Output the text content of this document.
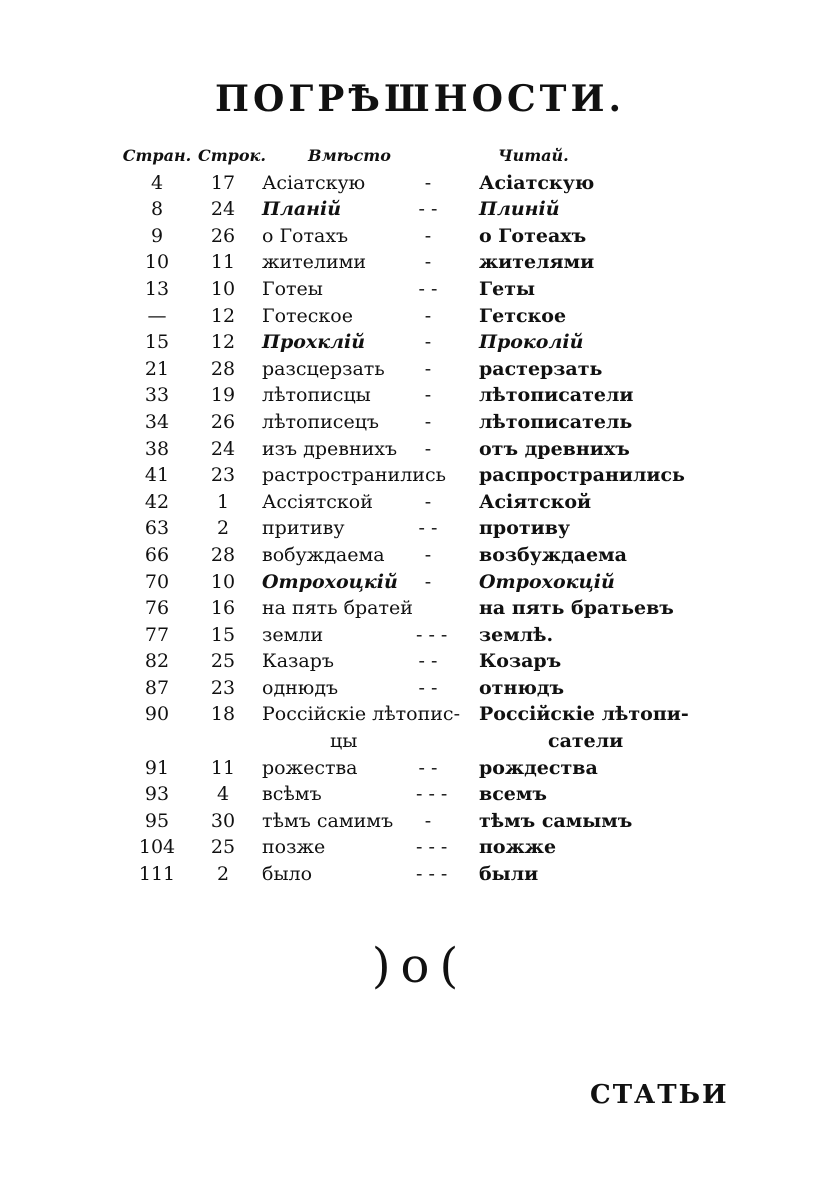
ПОГРѢШНОСТИ.
Стран. Строк.	Вмѣсто	Читай.
4	17	Асіатскую	-	Асіатскую
8	24	Планій	- - Плиній
9	26	о Готахъ	-	о Готеахъ
10	11	жителими	-	жителями
13	10	Готеы	- - Геты
—	12	Готеское	-	Гетское
15	12	Прохклій	-	Проколій
21	28	разсцерзать	-	растерзать
33	19	лѣтописцы	-	лѣтописатели
34	26	лѣтописецъ	-	лѣтописатель
38	24	изъ древнихъ	-	отъ древнихъ
41	23	растространились	распространились
42	1	Ассіятской	-	Асіятской
63	2	притиву	- - противу
66	28	вобуждаема	-	возбуждаема
70	10	Отрохоцкій	-	Отрохокцій
76	16	на пять братей	на пять братьевъ
77	15	земли	- - - землѣ.
82	25	Казаръ	- - Козаръ
87	23	однюдъ	- - отнюдъ
90	18	Россійскіе лѣтопис-	Россійскіе лѣтопи-
цы	сатели
91	11	рожества	- - рождества
93	4	всѣмъ	- - - всемъ
95	30	тѣмъ самимъ	-	тѣмъ самымъ
104	25	позже	- - - пожже
111	2	было	- - - были
)o(
СТАТЬИ
